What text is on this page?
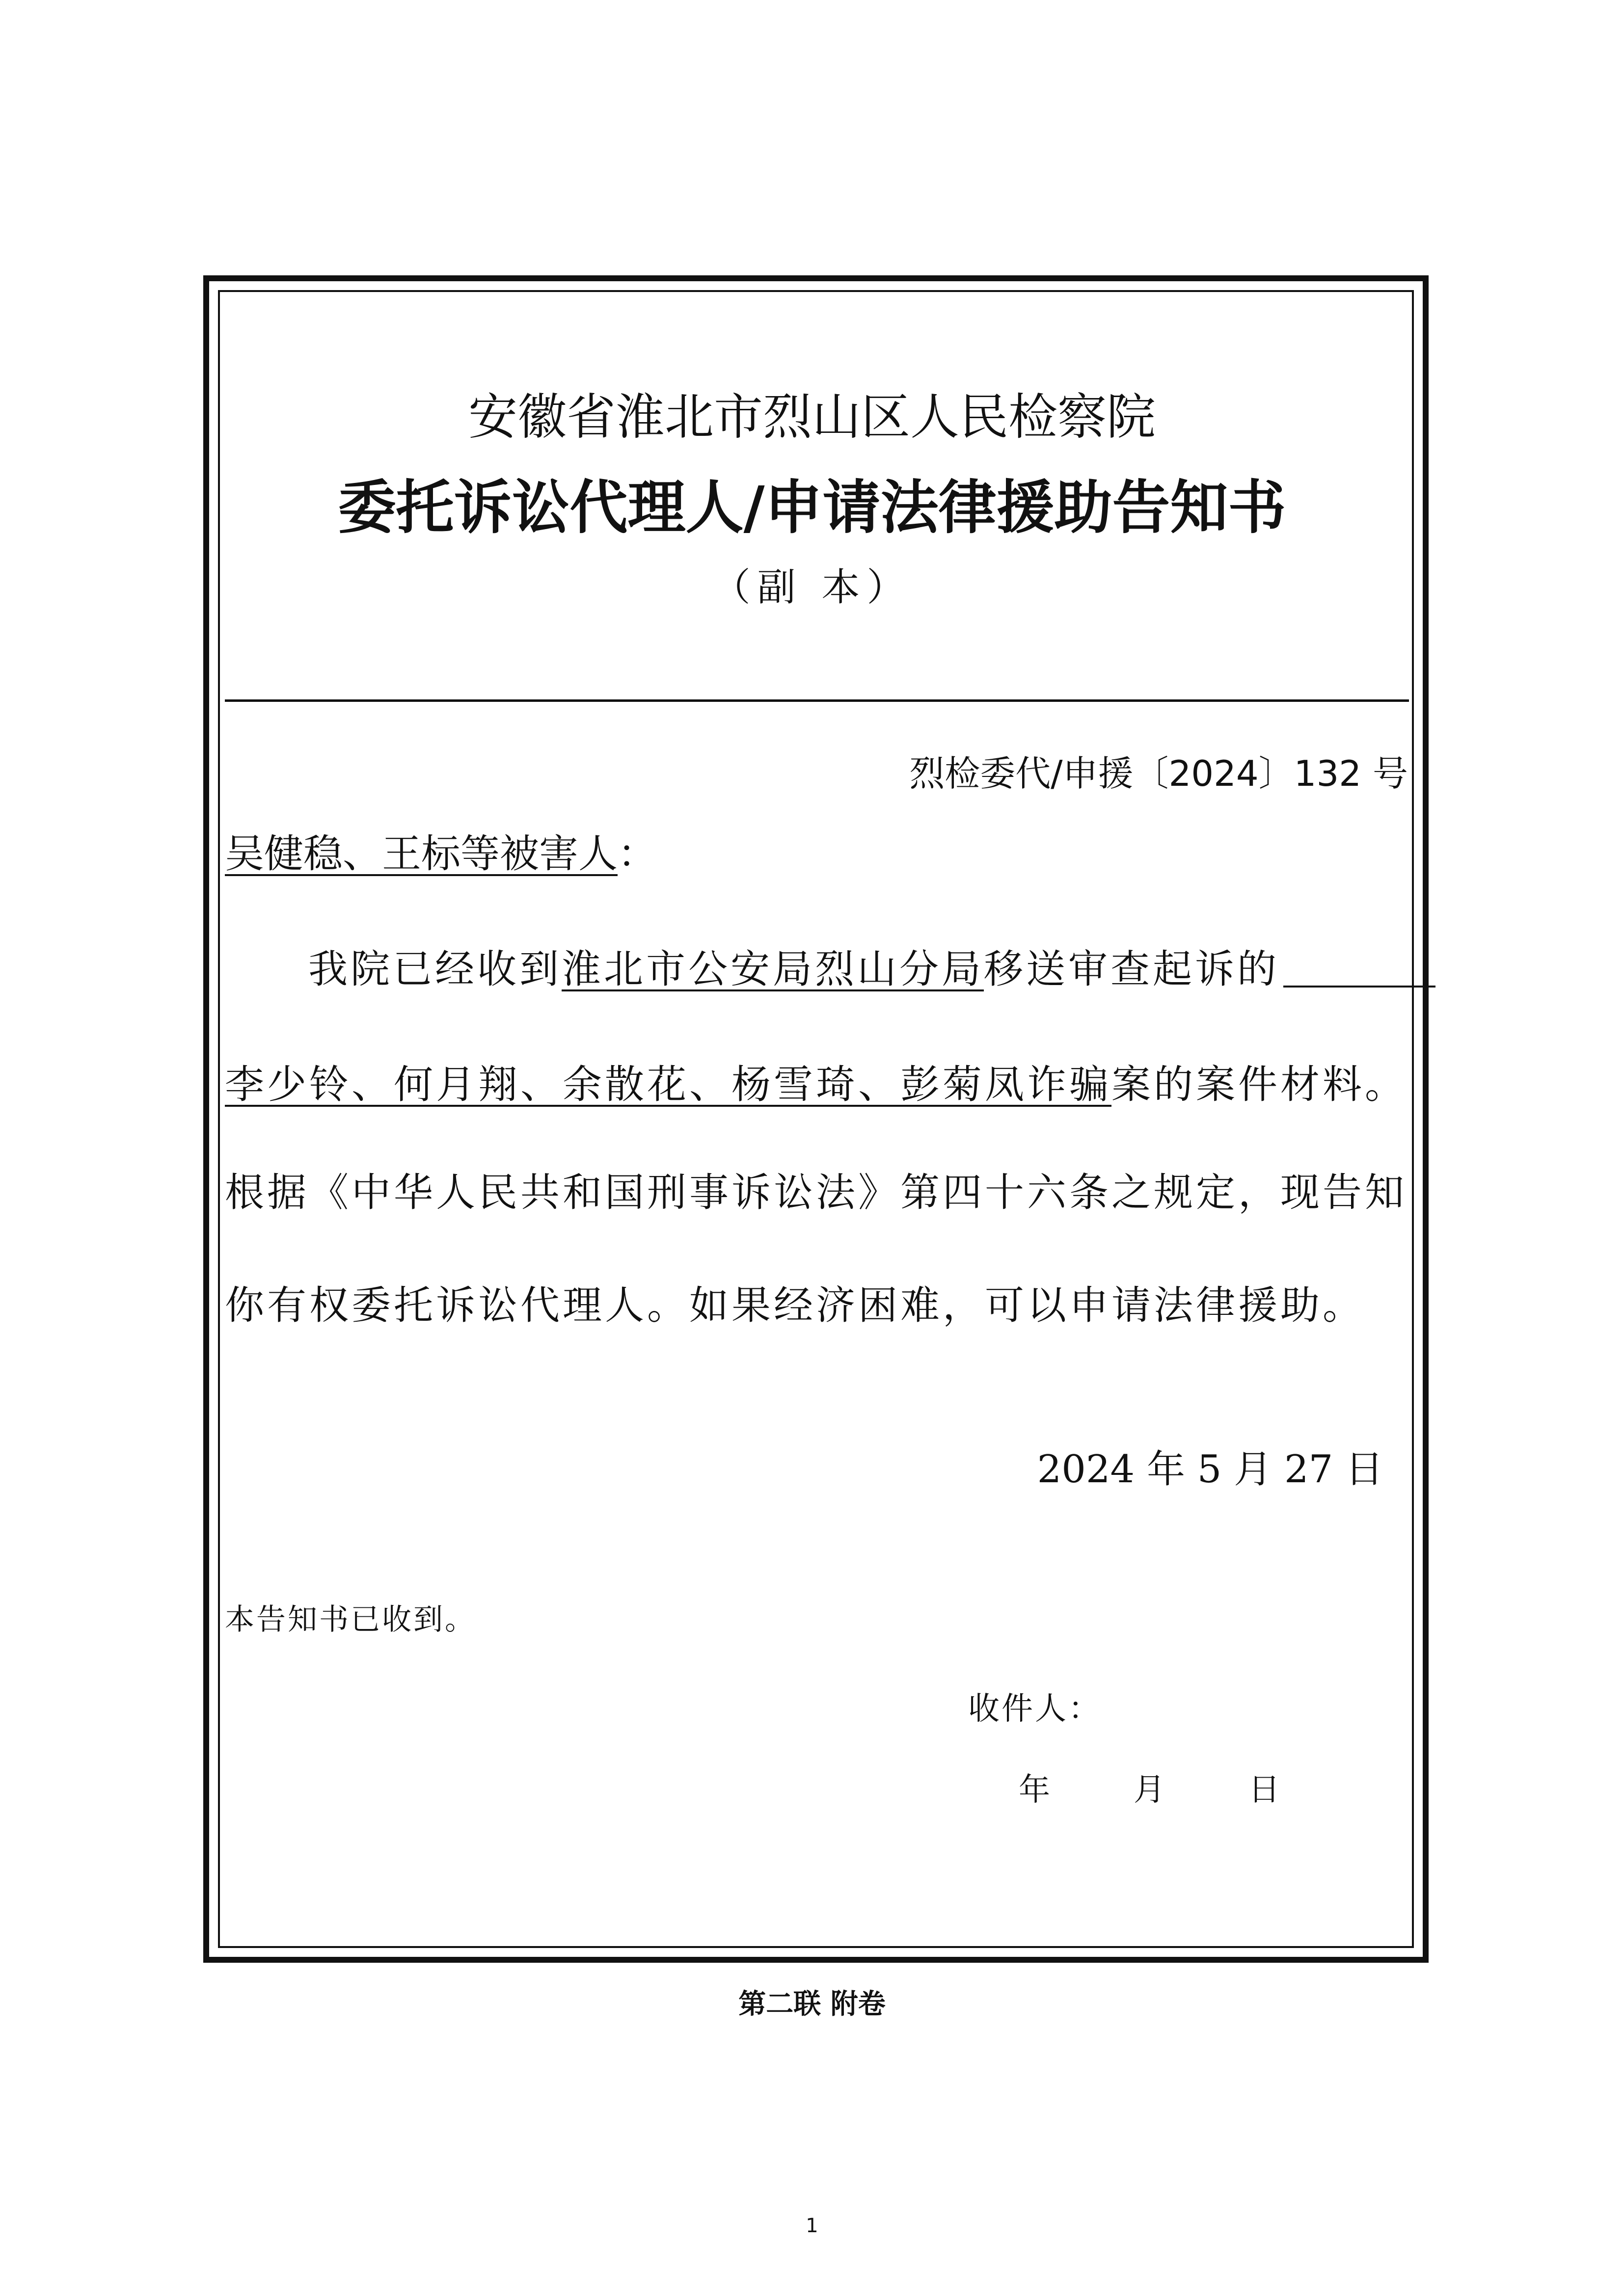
安徽省淮北市烈山区人民检察院
委托诉讼代理人/申请法律援助告知书
（副 本）
烈检委代/申援〔2024〕132 号
吴健稳、王标等被害人：
我院已经收到淮北市公安局烈山分局移送审查起诉的
李少铃、何月翔、余散花、杨雪琦、彭菊凤诈骗案的案件材料。
根据《中华人民共和国刑事诉讼法》第四十六条之规定，现告知
你有权委托诉讼代理人。如果经济困难，可以申请法律援助。
2024 年 5 月 27 日
本告知书已收到。
收件人：
年	月	日
第二联 附卷
1
